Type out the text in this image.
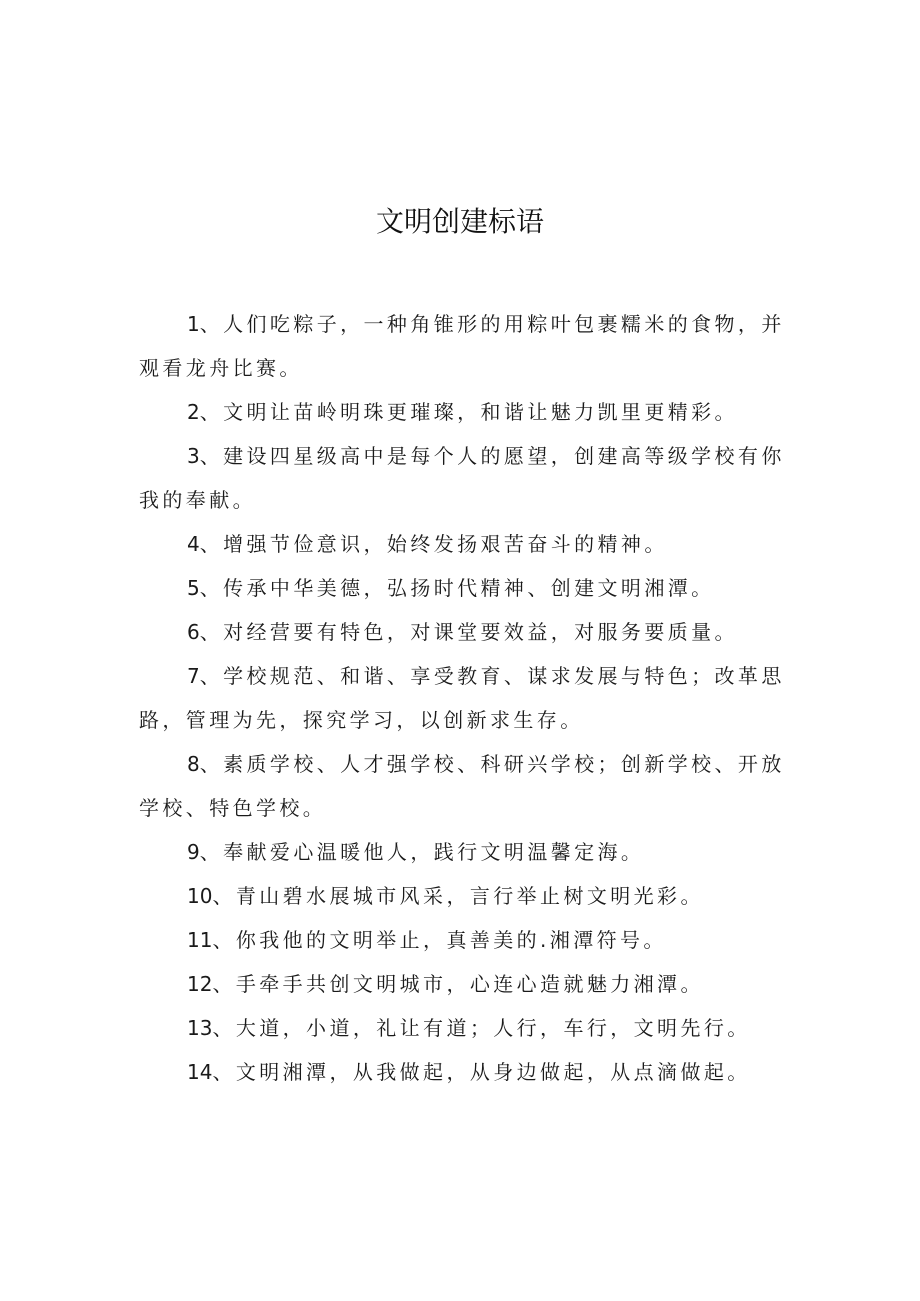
文明创建标语

1、人们吃粽子，一种角锥形的用粽叶包裹糯米的食物，并观看龙舟比赛。

2、文明让苗岭明珠更璀璨，和谐让魅力凯里更精彩。

3、建设四星级高中是每个人的愿望，创建高等级学校有你我的奉献。

4、增强节俭意识，始终发扬艰苦奋斗的精神。

5、传承中华美德，弘扬时代精神、创建文明湘潭。

6、对经营要有特色，对课堂要效益，对服务要质量。

7、学校规范、和谐、享受教育、谋求发展与特色；改革思路，管理为先，探究学习，以创新求生存。

8、素质学校、人才强学校、科研兴学校；创新学校、开放学校、特色学校。

9、奉献爱心温暖他人，践行文明温馨定海。

10、青山碧水展城市风采，言行举止树文明光彩。

11、你我他的文明举止，真善美的.湘潭符号。

12、手牵手共创文明城市，心连心造就魅力湘潭。

13、大道，小道，礼让有道；人行，车行，文明先行。

14、文明湘潭，从我做起，从身边做起，从点滴做起。
